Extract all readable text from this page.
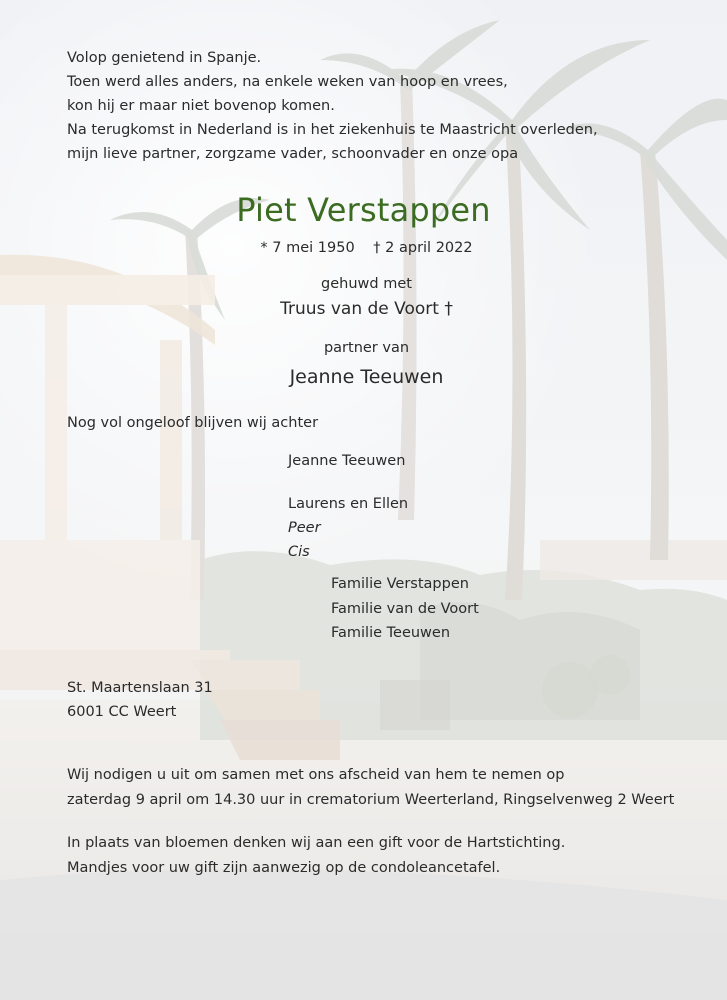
Volop genietend in Spanje.
Toen werd alles anders, na enkele weken van hoop en vrees,
kon hij er maar niet bovenop komen.
Na terugkomst in Nederland is in het ziekenhuis te Maastricht overleden,
mijn lieve partner, zorgzame vader, schoonvader en onze opa
Piet Verstappen
* 7 mei 1950 † 2 april 2022
gehuwd met
Truus van de Voort †
partner van
Jeanne Teeuwen
Nog vol ongeloof blijven wij achter
Jeanne Teeuwen
Laurens en Ellen
Peer
Cis
Familie Verstappen
Familie van de Voort
Familie Teeuwen
St. Maartenslaan 31
6001 CC Weert
Wij nodigen u uit om samen met ons afscheid van hem te nemen op
zaterdag 9 april om 14.30 uur in crematorium Weerterland, Ringselvenweg 2 Weert
In plaats van bloemen denken wij aan een gift voor de Hartstichting.
Mandjes voor uw gift zijn aanwezig op de condoleancetafel.
